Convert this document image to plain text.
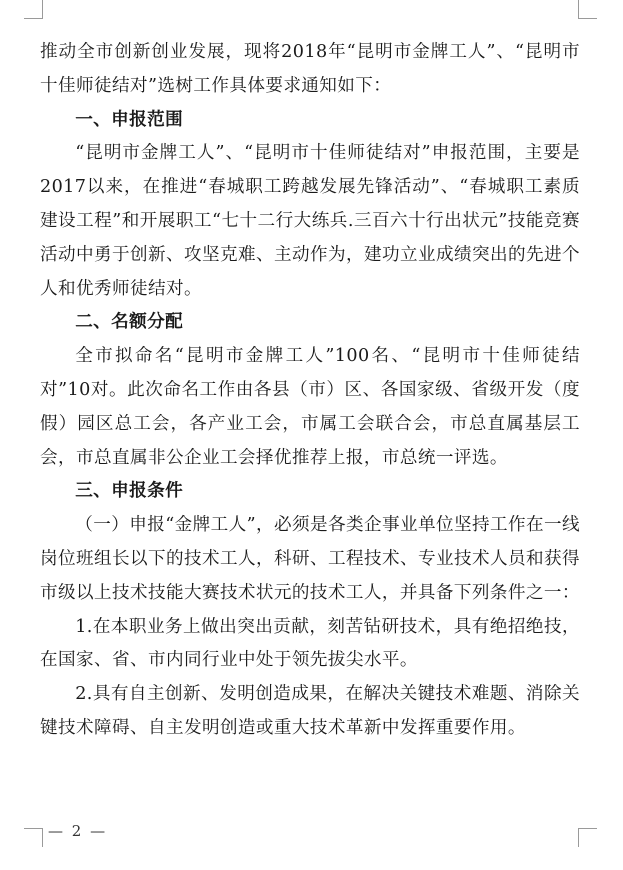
推动全市创新创业发展，现将2018年“昆明市金牌工人”、“昆明市十佳师徒结对”选树工作具体要求通知如下：

一、申报范围

“昆明市金牌工人”、“昆明市十佳师徒结对”申报范围，主要是2017以来，在推进“春城职工跨越发展先锋活动”、“春城职工素质建设工程”和开展职工“七十二行大练兵.三百六十行出状元”技能竞赛活动中勇于创新、攻坚克难、主动作为，建功立业成绩突出的先进个人和优秀师徒结对。

二、名额分配

全市拟命名“昆明市金牌工人”100名、“昆明市十佳师徒结对”10对。此次命名工作由各县（市）区、各国家级、省级开发（度假）园区总工会，各产业工会，市属工会联合会，市总直属基层工会，市总直属非公企业工会择优推荐上报，市总统一评选。

三、申报条件

（一）申报“金牌工人”，必须是各类企事业单位坚持工作在一线岗位班组长以下的技术工人，科研、工程技术、专业技术人员和获得市级以上技术技能大赛技术状元的技术工人，并具备下列条件之一：

1.在本职业务上做出突出贡献，刻苦钻研技术，具有绝招绝技，在国家、省、市内同行业中处于领先拔尖水平。

2.具有自主创新、发明创造成果，在解决关键技术难题、消除关键技术障碍、自主发明创造或重大技术革新中发挥重要作用。

— 2 —
